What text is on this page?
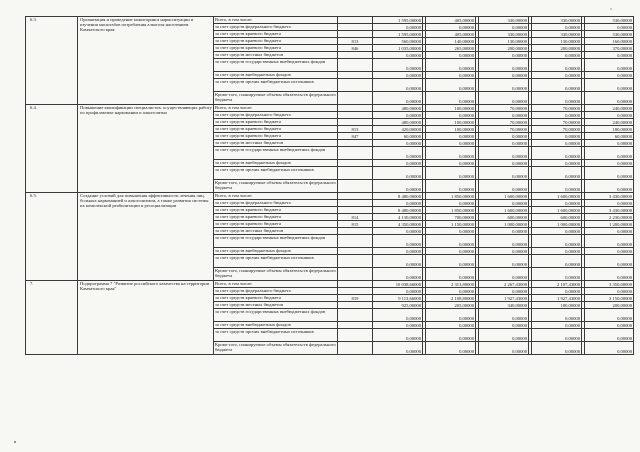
6.3	Организация и проведение мониторинга наркоситуации и изучения масштабов потребления алкоголя населением Камчатского края	Всего, в том числе:		1 595,00000		405,00000		330,00000		330,00000		530,00000
		за счет средств федерального бюджета		0,00000		0,00000		0,00000		0,00000		0,00000
		за счет средств краевого бюджета		1 595,00000		405,00000		330,00000		330,00000		530,00000
		за счет средств краевого бюджета	813	560,00000		140,00000		130,00000		130,00000		160,00000
		за счет средств краевого бюджета	846	1 035,00000		265,00000		200,00000		200,00000		370,00000
		за счет средств местных бюджетов		0,00000		0,00000		0,00000		0,00000		0,00000
		за счет средств государственных внебюджетных фондов		0,00000		0,00000		0,00000		0,00000		0,00000
		за счет средств внебюджетных фондов		0,00000		0,00000		0,00000		0,00000		0,00000
		за счет средств прочих внебюджетных источников		0,00000		0,00000		0,00000		0,00000		0,00000
		Кроме того, планируемые объемы обязательств федерального бюджета		0,00000		0,00000		0,00000		0,00000		0,00000
6.4.	Повышение квалификации специалистов, осуществляющих работу по профилактике наркомании и алкоголизма	Всего, в том числе:		480,00000		100,00000		70,00000		70,00000		240,00000
		за счет средств федерального бюджета		0,00000		0,00000		0,00000		0,00000		0,00000
		за счет средств краевого бюджета		480,00000		100,00000		70,00000		70,00000		240,00000
		за счет средств краевого бюджета	813	420,00000		100,00000		70,00000		70,00000		180,00000
		за счет средств краевого бюджета	847	60,00000		0,00000		0,00000		0,00000		60,00000
		за счет средств местных бюджетов		0,00000		0,00000		0,00000		0,00000		0,00000
		за счет средств государственных внебюджетных фондов		0,00000		0,00000		0,00000		0,00000		0,00000
		за счет средств внебюджетных фондов		0,00000		0,00000		0,00000		0,00000		0,00000
		за счет средств прочих внебюджетных источников		0,00000		0,00000		0,00000		0,00000		0,00000
		Кроме того, планируемые объемы обязательств федерального бюджета		0,00000		0,00000		0,00000		0,00000		0,00000
6.5.	Создание условий для повышения эффективности лечения лиц, больных наркоманией и алкоголизмом, а также развития системы их комплексной реабилитации и ресоциализации	Всего, в том числе:		8 480,00000		1 850,00000		1 600,00000		1 600,00000		3 430,00000
		за счет средств федерального бюджета		0,00000		0,00000		0,00000		0,00000		0,00000
		за счет средств краевого бюджета		8 480,00000		1 850,00000		1 600,00000		1 600,00000		3 430,00000
		за счет средств краевого бюджета	814	4 130,00000		700,00000		600,00000		600,00000		2 230,00000
		за счет средств краевого бюджета	815	4 350,00000		1 150,00000		1 000,00000		1 000,00000		1 200,00000
		за счет средств местных бюджетов		0,00000		0,00000		0,00000		0,00000		0,00000
		за счет средств государственных внебюджетных фондов		0,00000		0,00000		0,00000		0,00000		0,00000
		за счет средств внебюджетных фондов		0,00000		0,00000		0,00000		0,00000		0,00000
		за счет средств прочих внебюджетных источников		0,00000		0,00000		0,00000		0,00000		0,00000
		Кроме того, планируемые объемы обязательств федерального бюджета		0,00000		0,00000		0,00000		0,00000		0,00000
7.	Подпрограмма 7 "Развитие российского казачества на территории Камчатского края"	Всего, в том числе:		10 038,66000		2 313,80000		2 267,43000		2 107,43000		3 350,00000
		за счет средств федерального бюджета		0,00000		0,00000		0,00000		0,00000		0,00000
		за счет средств краевого бюджета	819	9 113,66000		2 108,80000		1 927,43000		1 927,43000		3 150,00000
		за счет средств местных бюджетов		925,00000		205,00000		340,00000		180,00000		200,00000
		за счет средств государственных внебюджетных фондов		0,00000		0,00000		0,00000		0,00000		0,00000
		за счет средств внебюджетных фондов		0,00000		0,00000		0,00000		0,00000		0,00000
		за счет средств прочих внебюджетных источников		0,00000		0,00000		0,00000		0,00000		0,00000
		Кроме того, планируемые объемы обязательств федерального бюджета		0,00000		0,00000		0,00000		0,00000		0,00000
